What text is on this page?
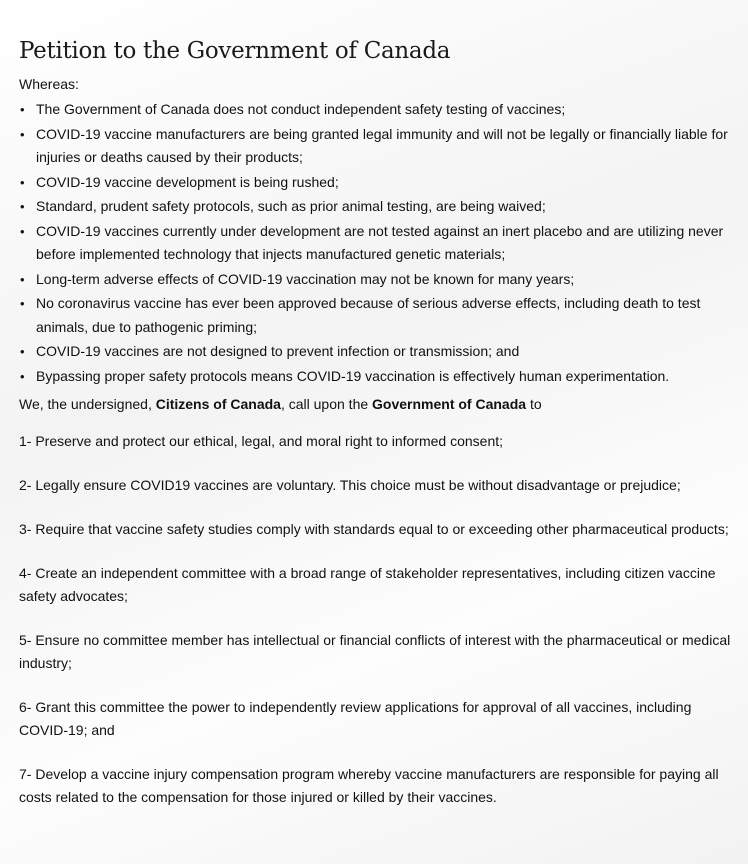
Petition to the Government of Canada

Whereas:

• The Government of Canada does not conduct independent safety testing of vaccines;
• COVID-19 vaccine manufacturers are being granted legal immunity and will not be legally or financially liable for injuries or deaths caused by their products;
• COVID-19 vaccine development is being rushed;
• Standard, prudent safety protocols, such as prior animal testing, are being waived;
• COVID-19 vaccines currently under development are not tested against an inert placebo and are utilizing never before implemented technology that injects manufactured genetic materials;
• Long-term adverse effects of COVID-19 vaccination may not be known for many years;
• No coronavirus vaccine has ever been approved because of serious adverse effects, including death to test animals, due to pathogenic priming;
• COVID-19 vaccines are not designed to prevent infection or transmission; and
• Bypassing proper safety protocols means COVID-19 vaccination is effectively human experimentation.

We, the undersigned, Citizens of Canada, call upon the Government of Canada to

1- Preserve and protect our ethical, legal, and moral right to informed consent;

2- Legally ensure COVID19 vaccines are voluntary. This choice must be without disadvantage or prejudice;

3- Require that vaccine safety studies comply with standards equal to or exceeding other pharmaceutical products;

4- Create an independent committee with a broad range of stakeholder representatives, including citizen vaccine safety advocates;

5- Ensure no committee member has intellectual or financial conflicts of interest with the pharmaceutical or medical industry;

6- Grant this committee the power to independently review applications for approval of all vaccines, including COVID-19; and

7- Develop a vaccine injury compensation program whereby vaccine manufacturers are responsible for paying all costs related to the compensation for those injured or killed by their vaccines.
